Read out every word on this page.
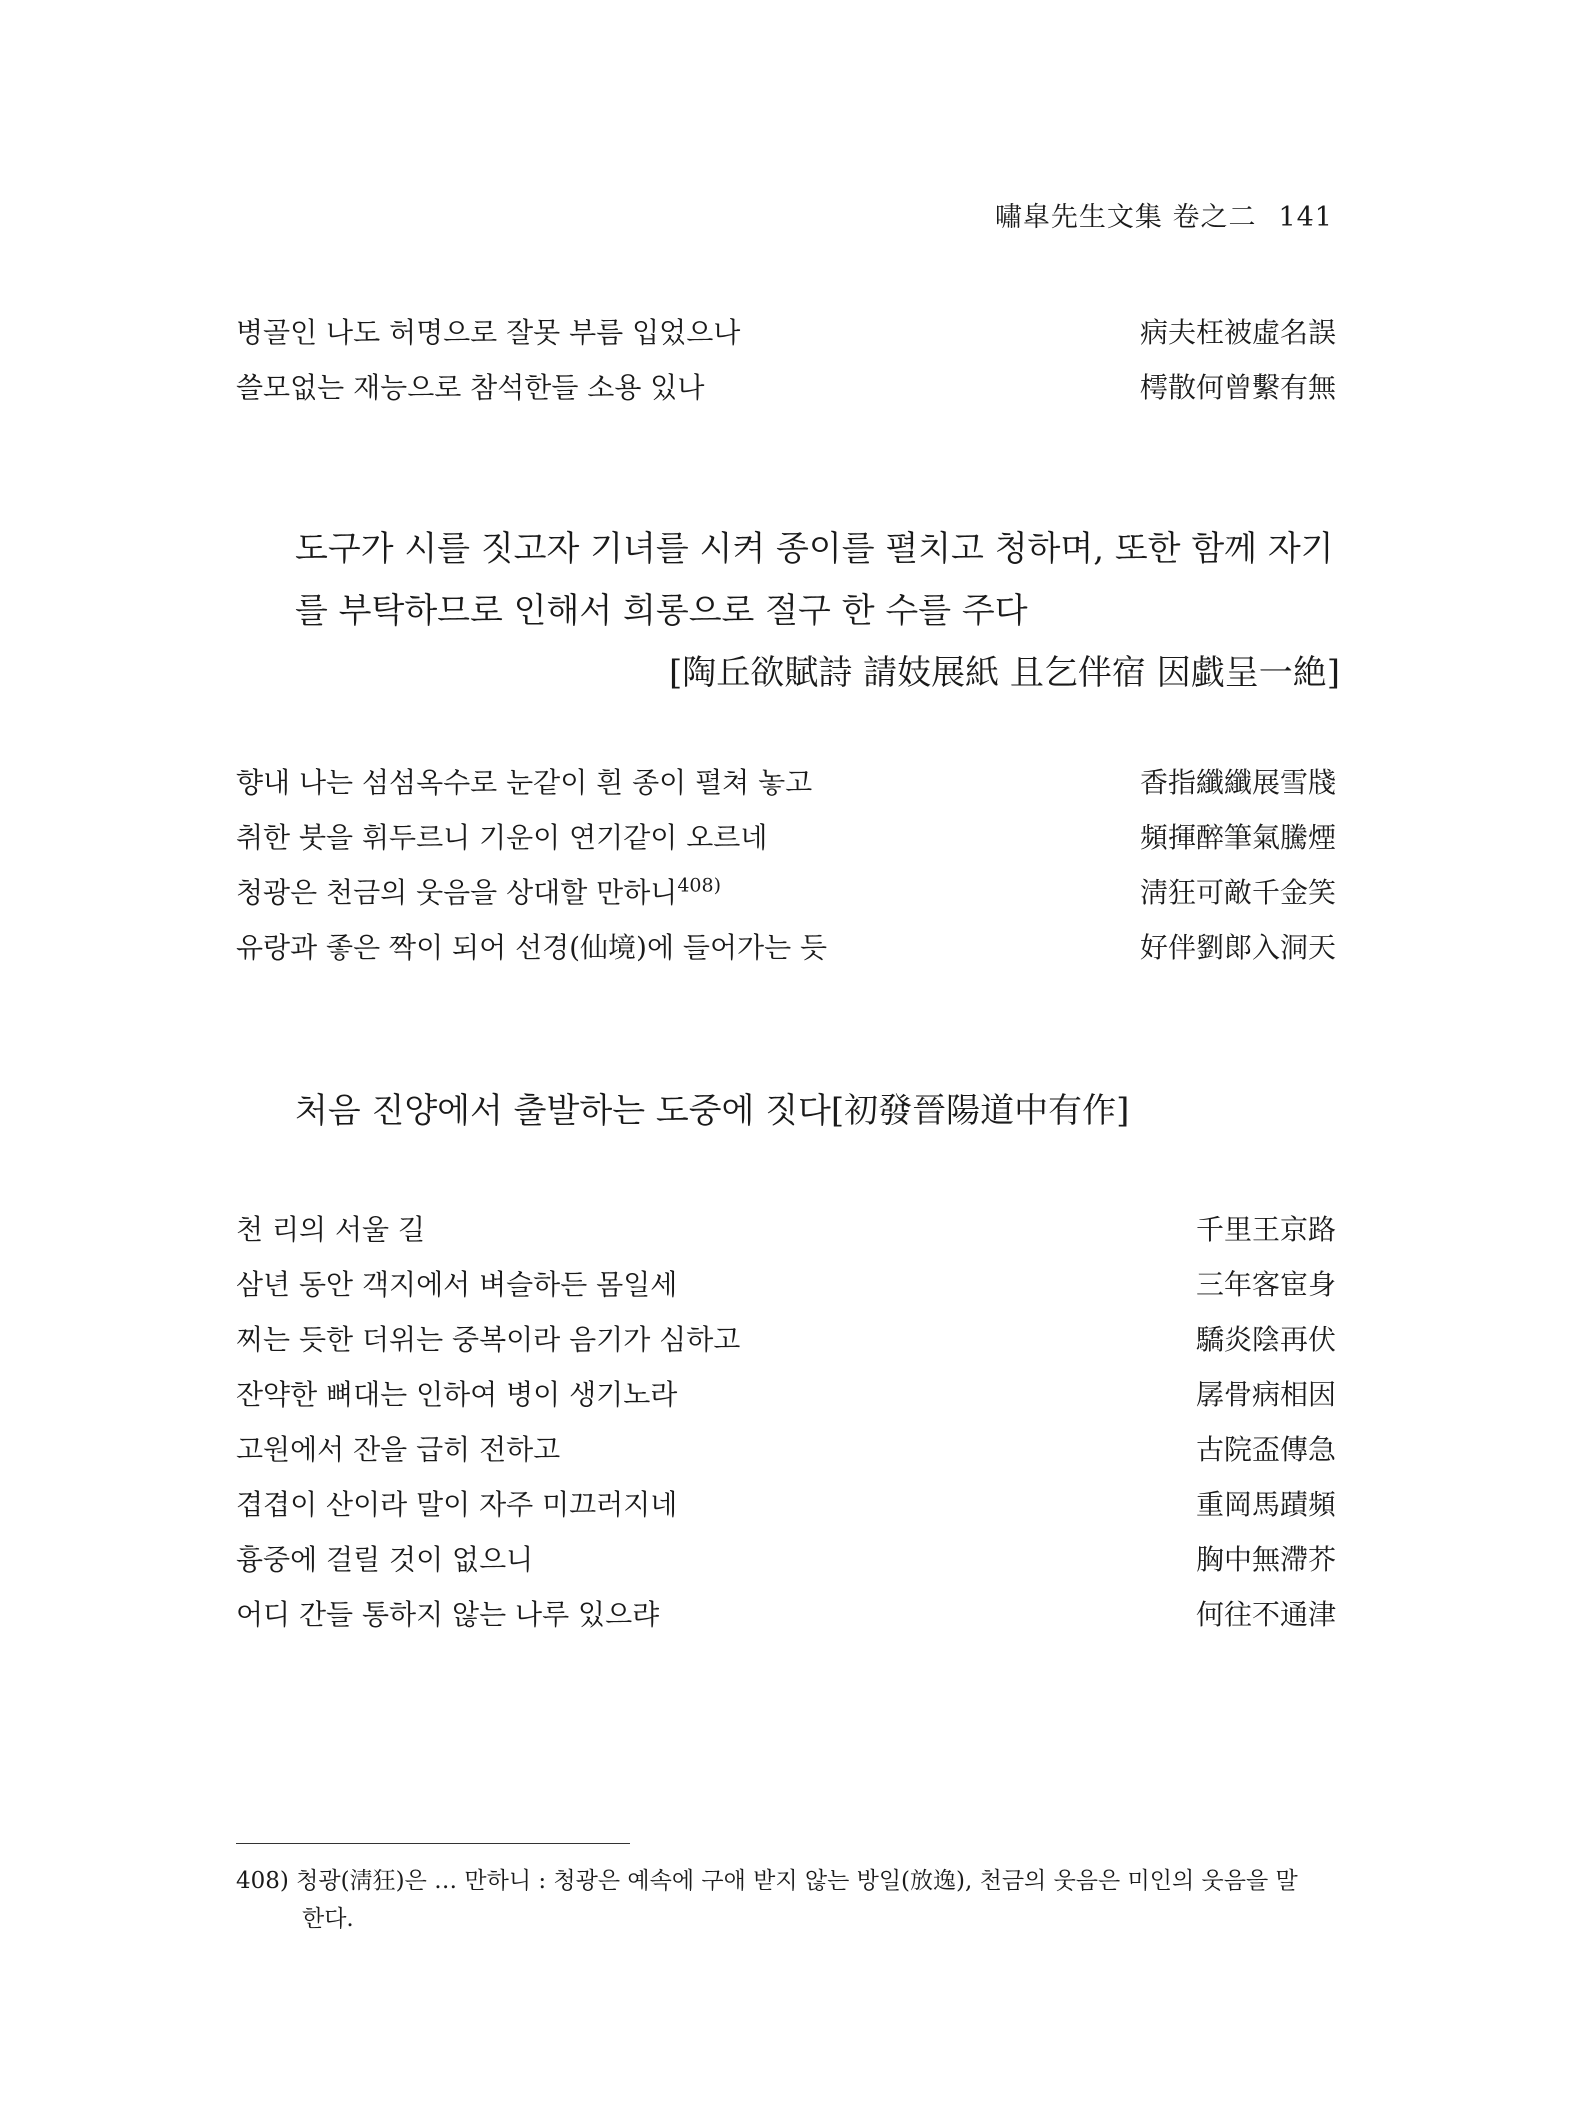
嘯皐先生文集 卷之二 141
병골인 나도 허명으로 잘못 부름 입었으나	病夫枉被虛名誤
쓸모없는 재능으로 참석한들 소용 있나	樗散何曾繫有無
도구가 시를 짓고자 기녀를 시켜 종이를 펼치고 청하며, 또한 함께 자기
를 부탁하므로 인해서 희롱으로 절구 한 수를 주다
[陶丘欲賦詩 請妓展紙 且乞伴宿 因戱呈一絶]
향내 나는 섬섬옥수로 눈같이 흰 종이 펼쳐 놓고	香指纖纖展雪牋
취한 붓을 휘두르니 기운이 연기같이 오르네	頻揮醉筆氣騰煙
청광은 천금의 웃음을 상대할 만하니$^{408)}$	淸狂可敵千金笑
유랑과 좋은 짝이 되어 선경(仙境)에 들어가는 듯	好伴劉郞入洞天
처음 진양에서 출발하는 도중에 짓다[初發晉陽道中有作]
천 리의 서울 길	千里王京路
삼년 동안 객지에서 벼슬하든 몸일세	三年客宦身
찌는 듯한 더위는 중복이라 음기가 심하고	驕炎陰再伏
잔약한 뼈대는 인하여 병이 생기노라	孱骨病相因
고원에서 잔을 급히 전하고	古院盃傳急
겹겹이 산이라 말이 자주 미끄러지네	重岡馬蹟頻
흉중에 걸릴 것이 없으니	胸中無滯芥
어디 간들 통하지 않는 나루 있으랴	何往不通津
408) 청광(淸狂)은 … 만하니 : 청광은 예속에 구애 받지 않는 방일(放逸), 천금의 웃음은 미인의 웃음을 말
한다.
